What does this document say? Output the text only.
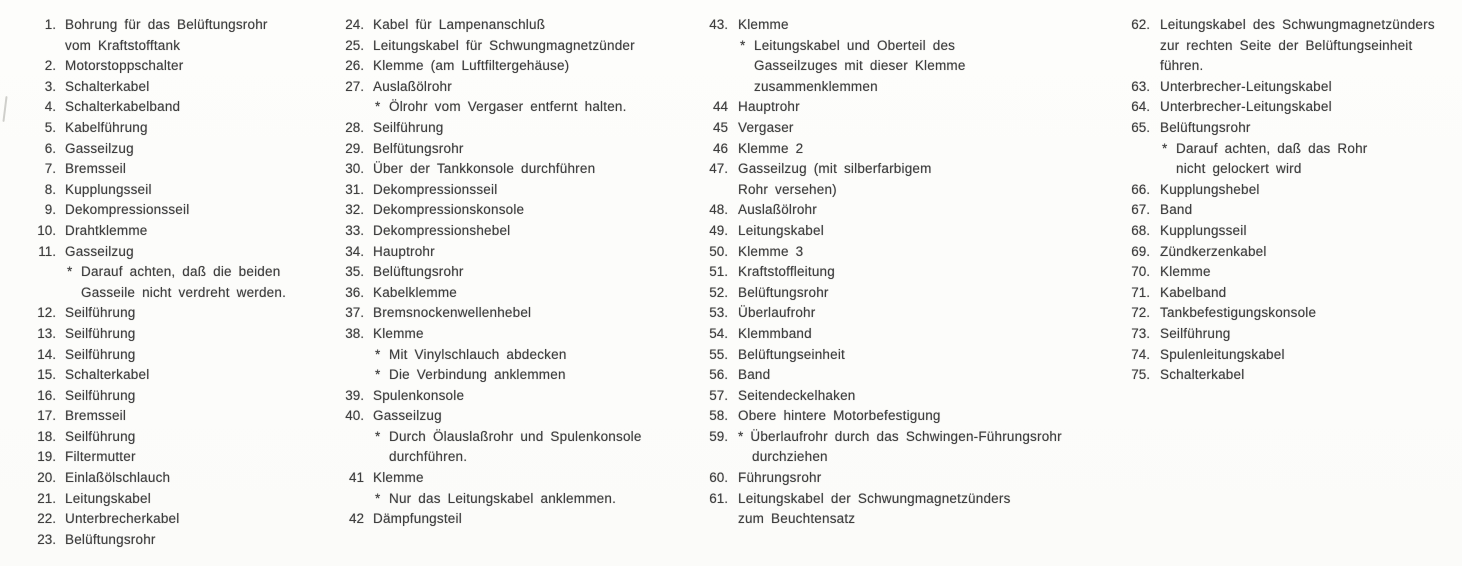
1. Bohrung für das Belüftungsrohr
vom Kraftstofftank
2. Motorstoppschalter
3. Schalterkabel
4. Schalterkabelband
5. Kabelführung
6. Gasseilzug
7. Bremsseil
8. Kupplungsseil
9. Dekompressionsseil
10. Drahtklemme
11. Gasseilzug
* Darauf achten, daß die beiden
Gasseile nicht verdreht werden.
12. Seilführung
13. Seilführung
14. Seilführung
15. Schalterkabel
16. Seilführung
17. Bremsseil
18. Seilführung
19. Filtermutter
20. Einlaßölschlauch
21. Leitungskabel
22. Unterbrecherkabel
23. Belüftungsrohr
24. Kabel für Lampenanschluß
25. Leitungskabel für Schwungmagnetzünder
26. Klemme (am Luftfiltergehäuse)
27. Auslaßölrohr
* Ölrohr vom Vergaser entfernt halten.
28. Seilführung
29. Belfütungsrohr
30. Über der Tankkonsole durchführen
31. Dekompressionsseil
32. Dekompressionskonsole
33. Dekompressionshebel
34. Hauptrohr
35. Belüftungsrohr
36. Kabelklemme
37. Bremsnockenwellenhebel
38. Klemme
* Mit Vinylschlauch abdecken
* Die Verbindung anklemmen
39. Spulenkonsole
40. Gasseilzug
* Durch Ölauslaßrohr und Spulenkonsole
durchführen.
41 Klemme
* Nur das Leitungskabel anklemmen.
42 Dämpfungsteil
43. Klemme
* Leitungskabel und Oberteil des
Gasseilzuges mit dieser Klemme
zusammenklemmen
44 Hauptrohr
45 Vergaser
46 Klemme 2
47. Gasseilzug (mit silberfarbigem
Rohr versehen)
48. Auslaßölrohr
49. Leitungskabel
50. Klemme 3
51. Kraftstoffleitung
52. Belüftungsrohr
53. Überlaufrohr
54. Klemmband
55. Belüftungseinheit
56. Band
57. Seitendeckelhaken
58. Obere hintere Motorbefestigung
59. * Überlaufrohr durch das Schwingen-Führungsrohr
durchziehen
60. Führungsrohr
61. Leitungskabel der Schwungmagnetzünders
zum Beuchtensatz
62. Leitungskabel des Schwungmagnetzünders
zur rechten Seite der Belüftungseinheit
führen.
63. Unterbrecher-Leitungskabel
64. Unterbrecher-Leitungskabel
65. Belüftungsrohr
* Darauf achten, daß das Rohr
nicht gelockert wird
66. Kupplungshebel
67. Band
68. Kupplungsseil
69. Zündkerzenkabel
70. Klemme
71. Kabelband
72. Tankbefestigungskonsole
73. Seilführung
74. Spulenleitungskabel
75. Schalterkabel
